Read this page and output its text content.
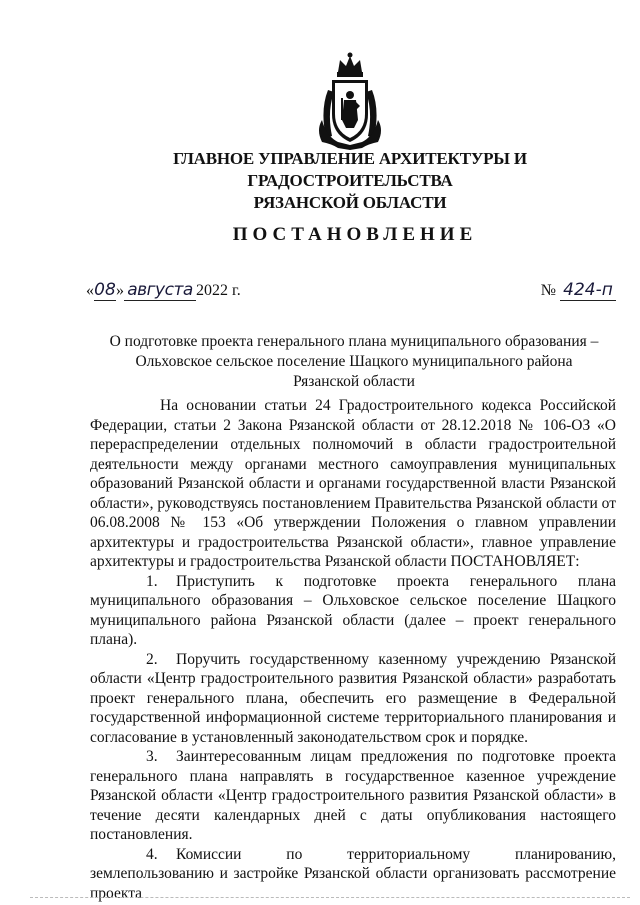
ГЛАВНОЕ УПРАВЛЕНИЕ АРХИТЕКТУРЫ И ГРАДОСТРОИТЕЛЬСТВА
РЯЗАНСКОЙ ОБЛАСТИ
ПОСТАНОВЛЕНИЕ
«08» августа 2022 г.	№ 424-п
О подготовке проекта генерального плана муниципального образования –
Ольховское сельское поселение Шацкого муниципального района
Рязанской области

На основании статьи 24 Градостроительного кодекса Российской Федерации, статьи 2 Закона Рязанской области от 28.12.2018 № 106-ОЗ «О перераспределении отдельных полномочий в области градостроительной деятельности между органами местного самоуправления муниципальных образований Рязанской области и органами государственной власти Рязанской области», руководствуясь постановлением Правительства Рязанской области от 06.08.2008 № 153 «Об утверждении Положения о главном управлении архитектуры и градостроительства Рязанской области», главное управление архитектуры и градостроительства Рязанской области ПОСТАНОВЛЯЕТ:

1. Приступить к подготовке проекта генерального плана муниципального образования – Ольховское сельское поселение Шацкого муниципального района Рязанской области (далее – проект генерального плана).

2. Поручить государственному казенному учреждению Рязанской области «Центр градостроительного развития Рязанской области» разработать проект генерального плана, обеспечить его размещение в Федеральной государственной информационной системе территориального планирования и согласование в установленный законодательством срок и порядке.

3. Заинтересованным лицам предложения по подготовке проекта генерального плана направлять в государственное казенное учреждение Рязанской области «Центр градостроительного развития Рязанской области» в течение десяти календарных дней с даты опубликования настоящего постановления.

4. Комиссии по территориальному планированию, землепользованию и застройке Рязанской области организовать рассмотрение проекта
